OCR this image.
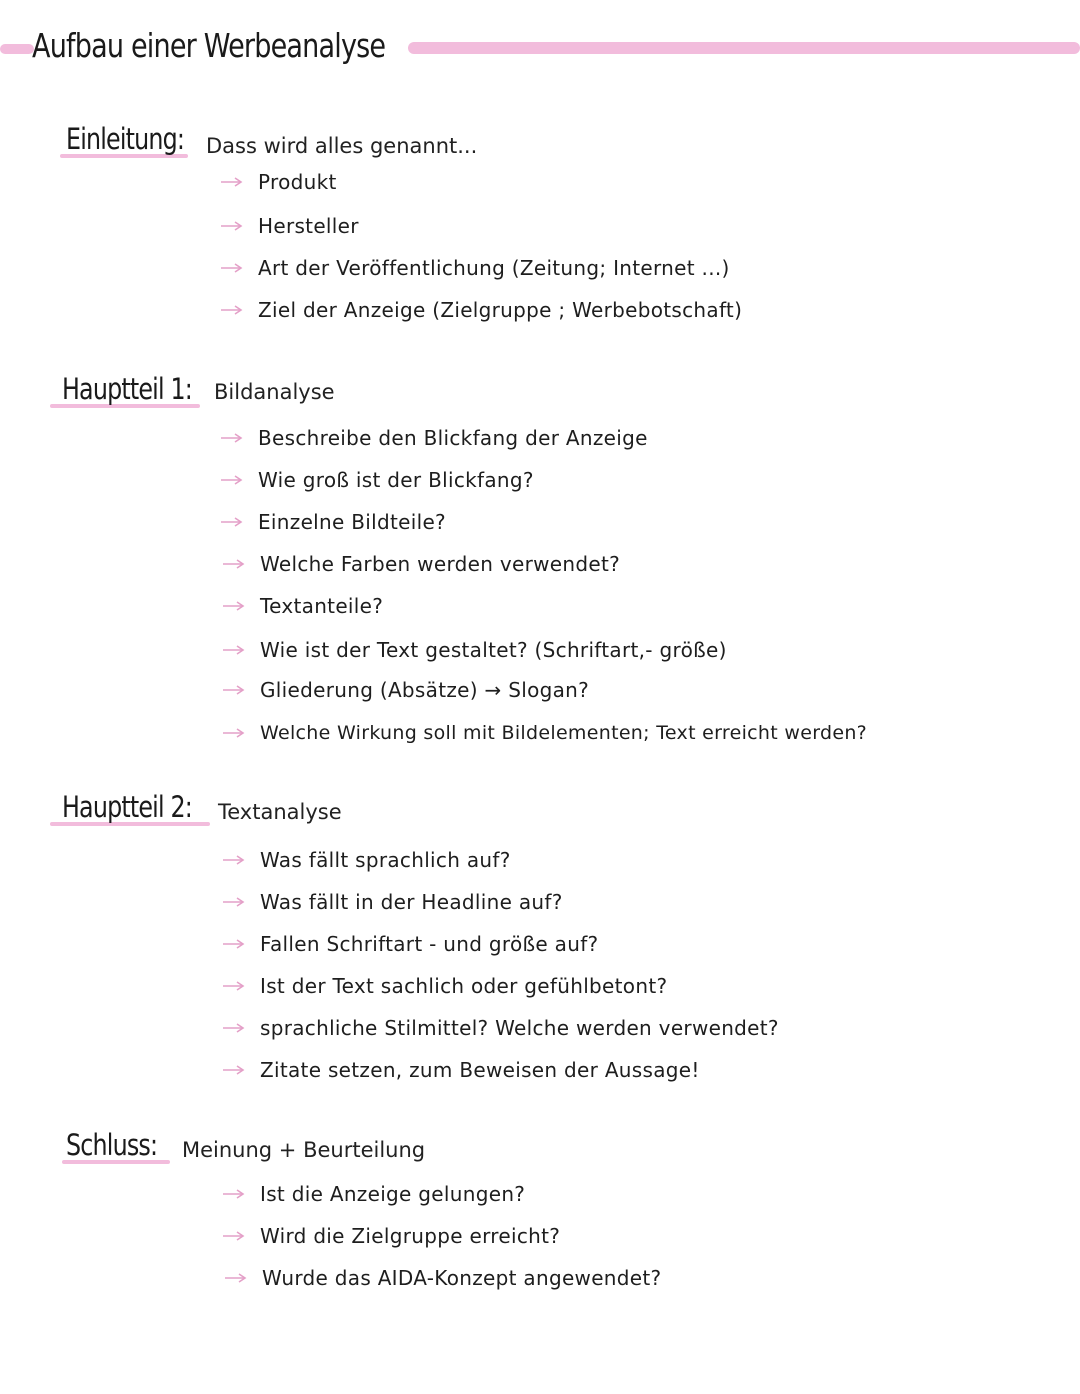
Aufbau einer Werbeanalyse
Einleitung: Dass wird alles genannt...
Produkt
Hersteller
Art der Veröffentlichung (Zeitung; Internet ...)
Ziel der Anzeige (Zielgruppe ; Werbebotschaft)
Hauptteil 1: Bildanalyse
Beschreibe den Blickfang der Anzeige
Wie groß ist der Blickfang?
Einzelne Bildteile?
Welche Farben werden verwendet?
Textanteile?
Wie ist der Text gestaltet? (Schriftart,- größe)
Gliederung (Absätze) → Slogan?
Welche Wirkung soll mit Bildelementen; Text erreicht werden?
Hauptteil 2: Textanalyse
Was fällt sprachlich auf?
Was fällt in der Headline auf?
Fallen Schriftart - und größe auf?
Ist der Text sachlich oder gefühlbetont?
sprachliche Stilmittel? Welche werden verwendet?
Zitate setzen, zum Beweisen der Aussage!
Schluss: Meinung + Beurteilung
Ist die Anzeige gelungen?
Wird die Zielgruppe erreicht?
Wurde das AIDA-Konzept angewendet?
